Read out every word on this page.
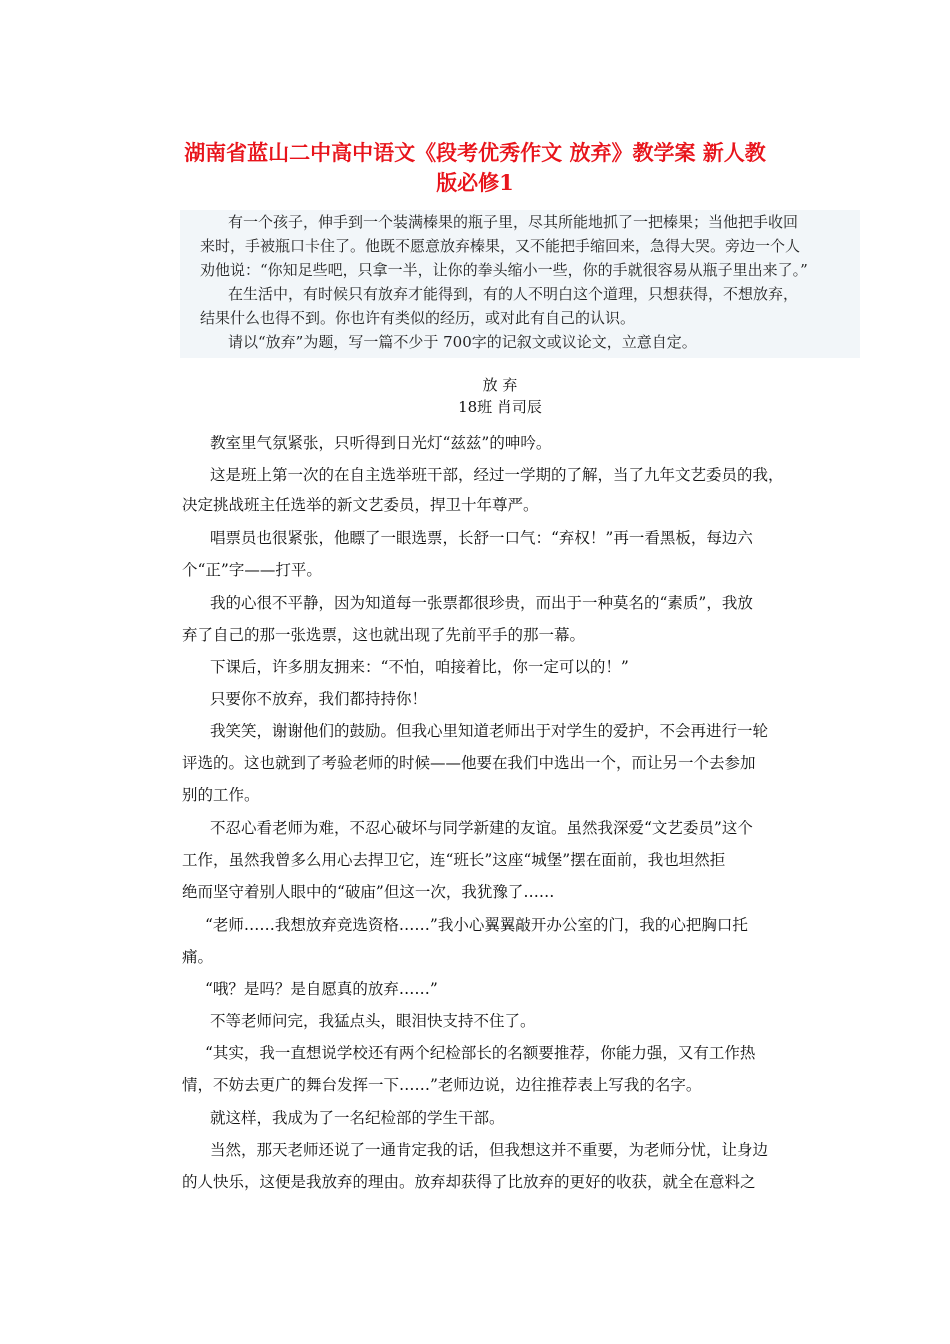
湖南省蓝山二中高中语文《段考优秀作文 放弃》教学案 新人教
版必修1
有一个孩子，伸手到一个装满榛果的瓶子里，尽其所能地抓了一把榛果；当他把手收回
来时，手被瓶口卡住了。他既不愿意放弃榛果，又不能把手缩回来，急得大哭。旁边一个人
劝他说：“你知足些吧，只拿一半，让你的拳头缩小一些，你的手就很容易从瓶子里出来了。”
在生活中，有时候只有放弃才能得到，有的人不明白这个道理，只想获得，不想放弃，
结果什么也得不到。你也许有类似的经历，或对此有自己的认识。
请以“放弃”为题，写一篇不少于 700字的记叙文或议论文，立意自定。
放 弃
18班 肖司辰
教室里气氛紧张，只听得到日光灯“兹兹”的呻吟。
这是班上第一次的在自主选举班干部，经过一学期的了解，当了九年文艺委员的我，
决定挑战班主任选举的新文艺委员，捍卫十年尊严。
唱票员也很紧张，他瞟了一眼选票，长舒一口气：“弃权！”再一看黑板，每边六
个“正”字——打平。
我的心很不平静，因为知道每一张票都很珍贵，而出于一种莫名的“素质”，我放
弃了自己的那一张选票，这也就出现了先前平手的那一幕。
下课后，许多朋友拥来：“不怕，咱接着比，你一定可以的！”
只要你不放弃，我们都持持你！
我笑笑，谢谢他们的鼓励。但我心里知道老师出于对学生的爱护，不会再进行一轮
评选的。这也就到了考验老师的时候——他要在我们中选出一个，而让另一个去参加
别的工作。
不忍心看老师为难，不忍心破坏与同学新建的友谊。虽然我深爱“文艺委员”这个
工作，虽然我曾多么用心去捍卫它，连“班长”这座“城堡”摆在面前，我也坦然拒
绝而坚守着别人眼中的“破庙”但这一次，我犹豫了……
“老师……我想放弃竞选资格……”我小心翼翼敲开办公室的门，我的心把胸口托
痛。
“哦？是吗？是自愿真的放弃……”
不等老师问完，我猛点头，眼泪快支持不住了。
“其实，我一直想说学校还有两个纪检部长的名额要推荐，你能力强，又有工作热
情，不妨去更广的舞台发挥一下……”老师边说，边往推荐表上写我的名字。
就这样，我成为了一名纪检部的学生干部。
当然，那天老师还说了一通肯定我的话，但我想这并不重要，为老师分忧，让身边
的人快乐，这便是我放弃的理由。放弃却获得了比放弃的更好的收获，就全在意料之
